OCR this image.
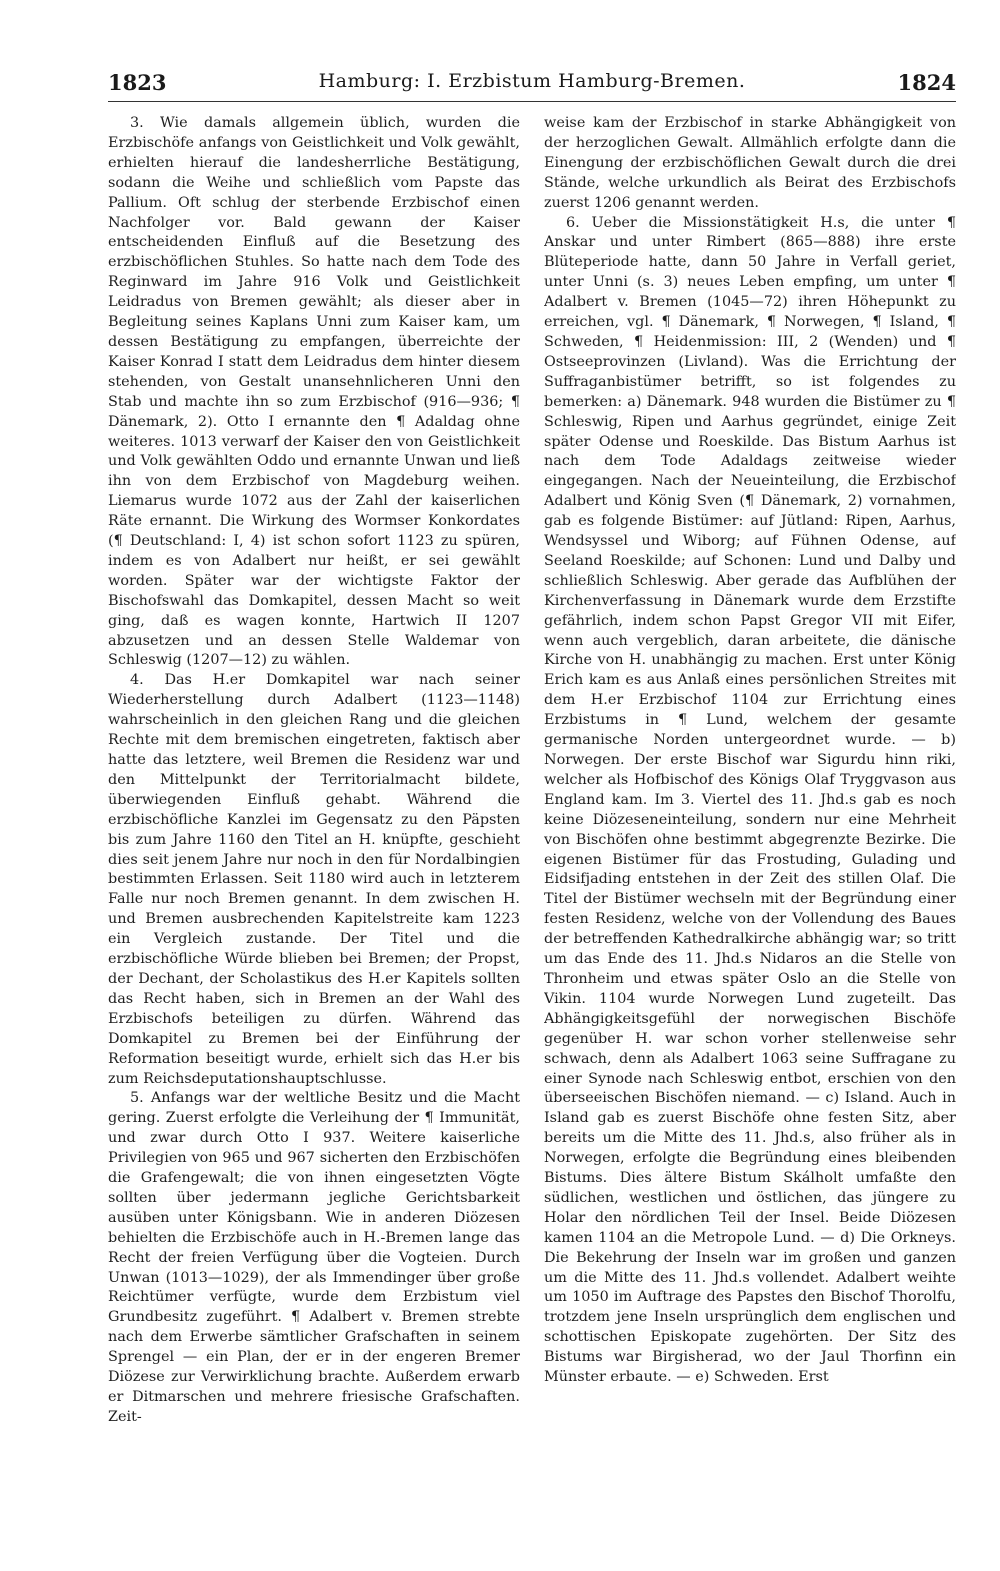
1823	Hamburg: I. Erzbistum Hamburg-Bremen.	1824

3. Wie damals allgemein üblich, wurden die Erzbischöfe anfangs von Geistlichkeit und Volk gewählt, erhielten hierauf die landesherrliche Bestätigung, sodann die Weihe und schließlich vom Papste das Pallium. Oft schlug der sterbende Erzbischof einen Nachfolger vor. Bald gewann der Kaiser entscheidenden Einfluß auf die Besetzung des erzbischöflichen Stuhles. So hatte nach dem Tode des Reginward im Jahre 916 Volk und Geistlichkeit Leidradus von Bremen gewählt; als dieser aber in Begleitung seines Kaplans Unni zum Kaiser kam, um dessen Bestätigung zu empfangen, überreichte der Kaiser Konrad I statt dem Leidradus dem hinter diesem stehenden, von Gestalt unansehnlicheren Unni den Stab und machte ihn so zum Erzbischof (916—936; ¶ Dänemark, 2). Otto I ernannte den ¶ Adaldag ohne weiteres. 1013 verwarf der Kaiser den von Geistlichkeit und Volk gewählten Oddo und ernannte Unwan und ließ ihn von dem Erzbischof von Magdeburg weihen. Liemarus wurde 1072 aus der Zahl der kaiserlichen Räte ernannt. Die Wirkung des Wormser Konkordates (¶ Deutschland: I, 4) ist schon sofort 1123 zu spüren, indem es von Adalbert nur heißt, er sei gewählt worden. Später war der wichtigste Faktor der Bischofswahl das Domkapitel, dessen Macht so weit ging, daß es wagen konnte, Hartwich II 1207 abzusetzen und an dessen Stelle Waldemar von Schleswig (1207—12) zu wählen.

4. Das H.er Domkapitel war nach seiner Wiederherstellung durch Adalbert (1123—1148) wahrscheinlich in den gleichen Rang und die gleichen Rechte mit dem bremischen eingetreten, faktisch aber hatte das letztere, weil Bremen die Residenz war und den Mittelpunkt der Territorialmacht bildete, überwiegenden Einfluß gehabt. Während die erzbischöfliche Kanzlei im Gegensatz zu den Päpsten bis zum Jahre 1160 den Titel an H. knüpfte, geschieht dies seit jenem Jahre nur noch in den für Nordalbingien bestimmten Erlassen. Seit 1180 wird auch in letzterem Falle nur noch Bremen genannt. In dem zwischen H. und Bremen ausbrechenden Kapitelstreite kam 1223 ein Vergleich zustande. Der Titel und die erzbischöfliche Würde blieben bei Bremen; der Propst, der Dechant, der Scholastikus des H.er Kapitels sollten das Recht haben, sich in Bremen an der Wahl des Erzbischofs beteiligen zu dürfen. Während das Domkapitel zu Bremen bei der Einführung der Reformation beseitigt wurde, erhielt sich das H.er bis zum Reichsdeputationshauptschlusse.

5. Anfangs war der weltliche Besitz und die Macht gering. Zuerst erfolgte die Verleihung der ¶ Immunität, und zwar durch Otto I 937. Weitere kaiserliche Privilegien von 965 und 967 sicherten den Erzbischöfen die Grafengewalt; die von ihnen eingesetzten Vögte sollten über jedermann jegliche Gerichtsbarkeit ausüben unter Königsbann. Wie in anderen Diözesen behielten die Erzbischöfe auch in H.-Bremen lange das Recht der freien Verfügung über die Vogteien. Durch Unwan (1013—1029), der als Immendinger über große Reichtümer verfügte, wurde dem Erzbistum viel Grundbesitz zugeführt. ¶ Adalbert v. Bremen strebte nach dem Erwerbe sämtlicher Grafschaften in seinem Sprengel — ein Plan, der er in der engeren Bremer Diözese zur Verwirklichung brachte. Außerdem erwarb er Ditmarschen und mehrere friesische Grafschaften. Zeit-

weise kam der Erzbischof in starke Abhängigkeit von der herzoglichen Gewalt. Allmählich erfolgte dann die Einengung der erzbischöflichen Gewalt durch die drei Stände, welche urkundlich als Beirat des Erzbischofs zuerst 1206 genannt werden.

6. Ueber die Missionstätigkeit H.s, die unter ¶ Anskar und unter Rimbert (865—888) ihre erste Blüteperiode hatte, dann 50 Jahre in Verfall geriet, unter Unni (s. 3) neues Leben empfing, um unter ¶ Adalbert v. Bremen (1045—72) ihren Höhepunkt zu erreichen, vgl. ¶ Dänemark, ¶ Norwegen, ¶ Island, ¶ Schweden, ¶ Heidenmission: III, 2 (Wenden) und ¶ Ostseeprovinzen (Livland). Was die Errichtung der Suffraganbistümer betrifft, so ist folgendes zu bemerken: a) Dänemark. 948 wurden die Bistümer zu ¶ Schleswig, Ripen und Aarhus gegründet, einige Zeit später Odense und Roeskilde. Das Bistum Aarhus ist nach dem Tode Adaldags zeitweise wieder eingegangen. Nach der Neueinteilung, die Erzbischof Adalbert und König Sven (¶ Dänemark, 2) vornahmen, gab es folgende Bistümer: auf Jütland: Ripen, Aarhus, Wendsyssel und Wiborg; auf Fühnen Odense, auf Seeland Roeskilde; auf Schonen: Lund und Dalby und schließlich Schleswig. Aber gerade das Aufblühen der Kirchenverfassung in Dänemark wurde dem Erzstifte gefährlich, indem schon Papst Gregor VII mit Eifer, wenn auch vergeblich, daran arbeitete, die dänische Kirche von H. unabhängig zu machen. Erst unter König Erich kam es aus Anlaß eines persönlichen Streites mit dem H.er Erzbischof 1104 zur Errichtung eines Erzbistums in ¶ Lund, welchem der gesamte germanische Norden untergeordnet wurde. — b) Norwegen. Der erste Bischof war Sigurdu hinn riki, welcher als Hofbischof des Königs Olaf Tryggvason aus England kam. Im 3. Viertel des 11. Jhd.s gab es noch keine Diözeseneinteilung, sondern nur eine Mehrheit von Bischöfen ohne bestimmt abgegrenzte Bezirke. Die eigenen Bistümer für das Frostuding, Gulading und Eidsifjading entstehen in der Zeit des stillen Olaf. Die Titel der Bistümer wechseln mit der Begründung einer festen Residenz, welche von der Vollendung des Baues der betreffenden Kathedralkirche abhängig war; so tritt um das Ende des 11. Jhd.s Nidaros an die Stelle von Thronheim und etwas später Oslo an die Stelle von Vikin. 1104 wurde Norwegen Lund zugeteilt. Das Abhängigkeitsgefühl der norwegischen Bischöfe gegenüber H. war schon vorher stellenweise sehr schwach, denn als Adalbert 1063 seine Suffragane zu einer Synode nach Schleswig entbot, erschien von den überseeischen Bischöfen niemand. — c) Island. Auch in Island gab es zuerst Bischöfe ohne festen Sitz, aber bereits um die Mitte des 11. Jhd.s, also früher als in Norwegen, erfolgte die Begründung eines bleibenden Bistums. Dies ältere Bistum Skálholt umfaßte den südlichen, westlichen und östlichen, das jüngere zu Holar den nördlichen Teil der Insel. Beide Diözesen kamen 1104 an die Metropole Lund. — d) Die Orkneys. Die Bekehrung der Inseln war im großen und ganzen um die Mitte des 11. Jhd.s vollendet. Adalbert weihte um 1050 im Auftrage des Papstes den Bischof Thorolfu, trotzdem jene Inseln ursprünglich dem englischen und schottischen Episkopate zugehörten. Der Sitz des Bistums war Birgisherad, wo der Jaul Thorfinn ein Münster erbaute. — e) Schweden. Erst
